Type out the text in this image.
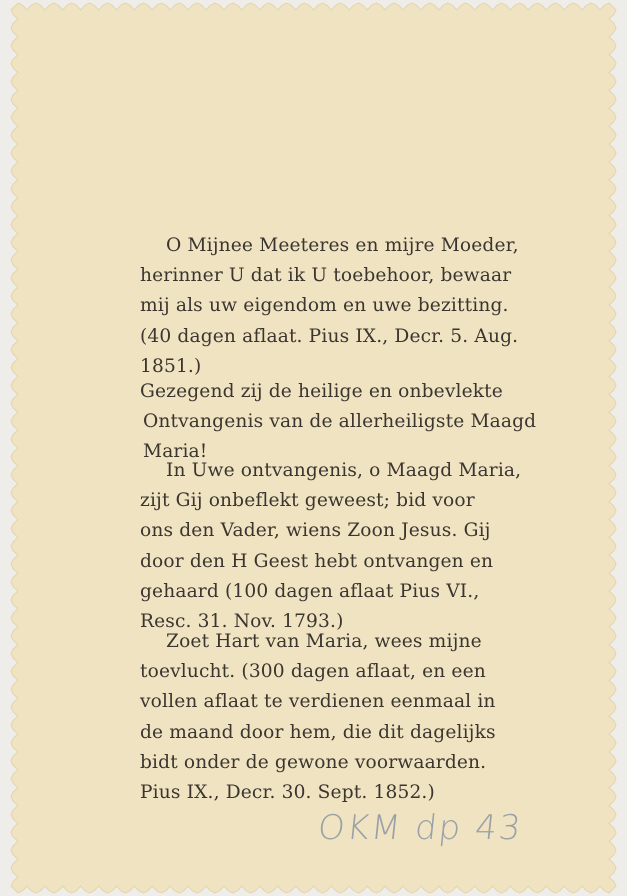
O Mijnee Meeteres en mijre Moeder,
herinner U dat ik U toebehoor, bewaar
mij als uw eigendom en uwe bezitting.
(40 dagen aflaat. Pius IX., Decr. 5. Aug.
1851.)
Gezegend zij de heilige en onbevlekte
Ontvangenis van de allerheiligste Maagd
Maria!
In Uwe ontvangenis, o Maagd Maria,
zijt Gij onbeflekt geweest; bid voor
ons den Vader, wiens Zoon Jesus. Gij
door den H Geest hebt ontvangen en
gehaard (100 dagen aflaat Pius VI.,
Resc. 31. Nov. 1793.)
Zoet Hart van Maria, wees mijne
toevlucht. (300 dagen aflaat, en een
vollen aflaat te verdienen eenmaal in
de maand door hem, die dit dagelijks
bidt onder de gewone voorwaarden.
Pius IX., Decr. 30. Sept. 1852.)
OKM dp 43
